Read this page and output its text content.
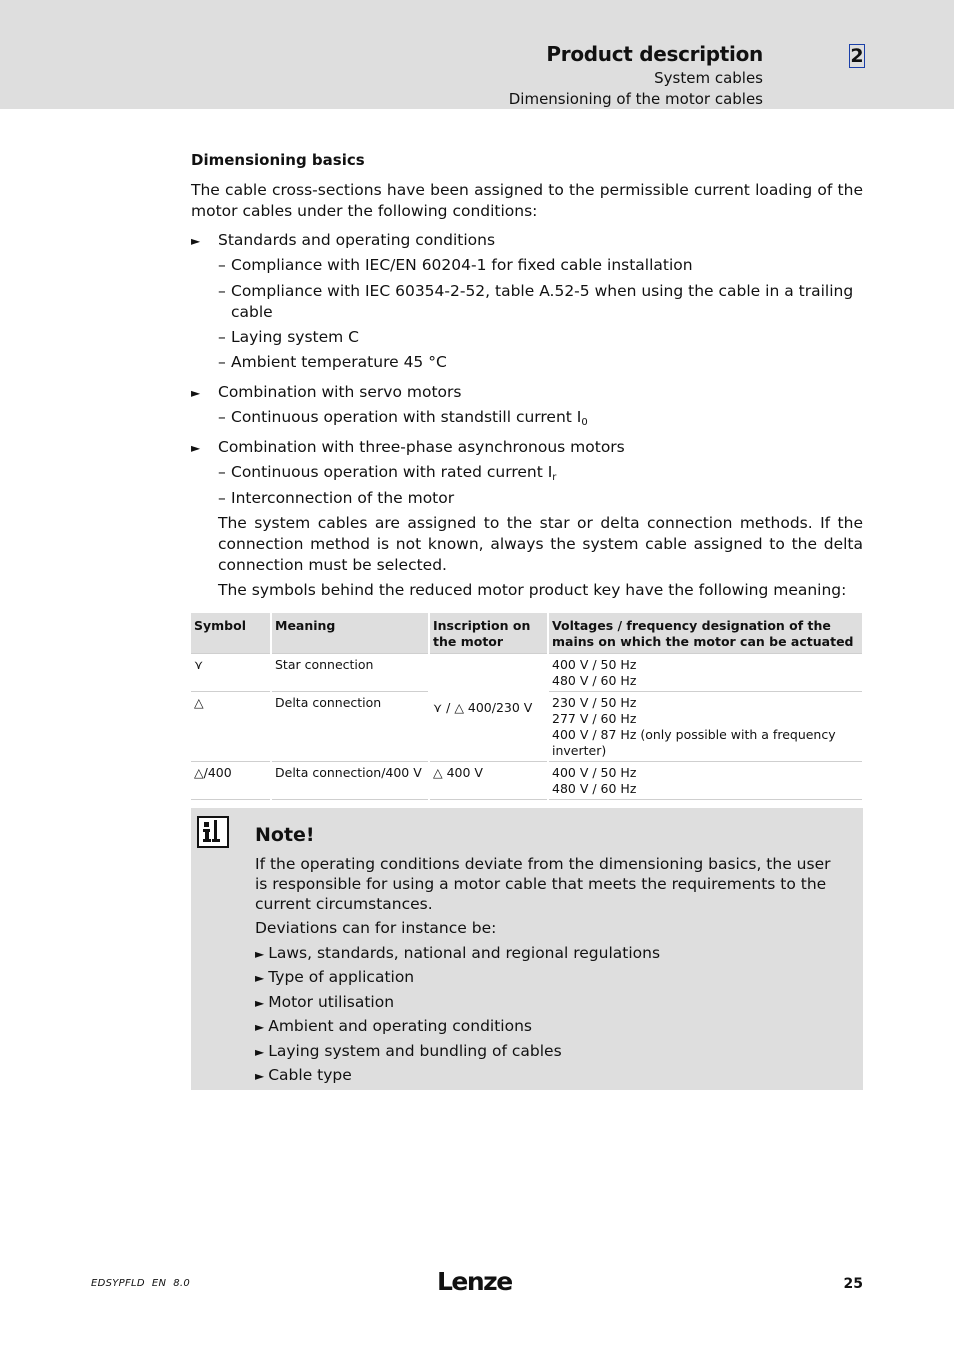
Product description
System cables
Dimensioning of the motor cables
2
Dimensioning basics
The cable cross-sections have been assigned to the permissible current loading of the motor cables under the following conditions:
► Standards and operating conditions
– Compliance with IEC/EN 60204-1 for fixed cable installation
– Compliance with IEC 60354-2-52, table A.52-5 when using the cable in a trailing cable
– Laying system C
– Ambient temperature 45 °C
► Combination with servo motors
– Continuous operation with standstill current $I_0$
► Combination with three-phase asynchronous motors
– Continuous operation with rated current $I_r$
– Interconnection of the motor
The system cables are assigned to the star or delta connection methods. If the connection method is not known, always the system cable assigned to the delta connection must be selected.
The symbols behind the reduced motor product key have the following meaning:
Symbol	Meaning	Inscription on the motor	Voltages / frequency designation of the mains on which the motor can be actuated
⋎	Star connection	⋎ / △ 400/230 V	400 V / 50 Hz
480 V / 60 Hz

△	Delta connection		230 V / 50 Hz
277 V / 60 Hz
400 V / 87 Hz (only possible with a frequency inverter)

△/400	Delta connection/400 V	△ 400 V	400 V / 50 Hz
480 V / 60 Hz
Note!
If the operating conditions deviate from the dimensioning basics, the user is responsible for using a motor cable that meets the requirements to the current circumstances.
Deviations can for instance be:
► Laws, standards, national and regional regulations
► Type of application
► Motor utilisation
► Ambient and operating conditions
► Laying system and bundling of cables
► Cable type
EDSYPFLD  EN  8.0	Lenze	25
